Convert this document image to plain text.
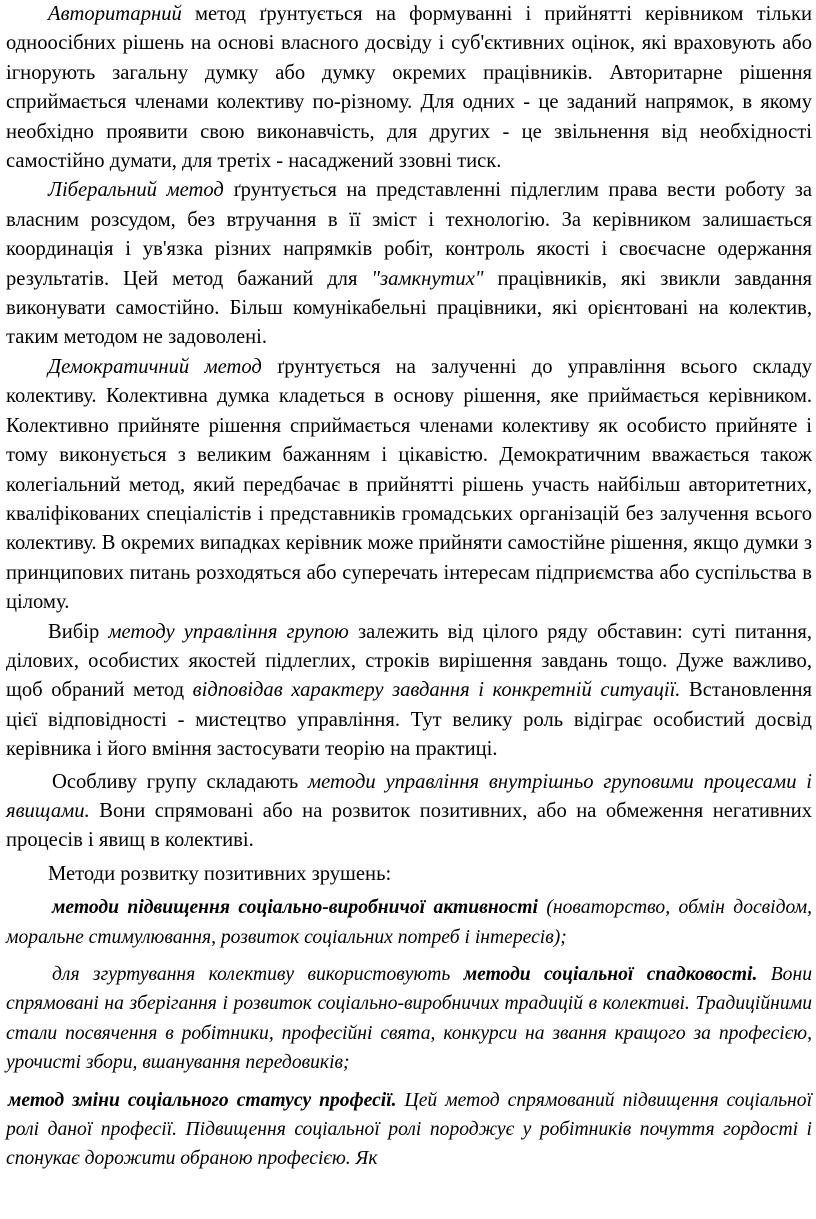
Авторитарний метод ґрунтується на формуванні і прийнятті керівником тільки одноосібних рішень на основі власного досвіду і суб'єктивних оцінок, які враховують або ігнорують загальну думку або думку окремих працівників. Авторитарне рішення сприймається членами колективу по-різному. Для одних - це заданий напрямок, в якому необхідно проявити свою виконавчість, для других - це звільнення від необхідності самостійно думати, для третіх - насаджений ззовні тиск.

Ліберальний метод ґрунтується на представленні підлеглим права вести роботу за власним розсудом, без втручання в її зміст і технологію. За керівником залишається координація і ув'язка різних напрямків робіт, контроль якості і своєчасне одержання результатів. Цей метод бажаний для "замкнутих" працівників, які звикли завдання виконувати самостійно. Більш комунікабельні працівники, які орієнтовані на колектив, таким методом не задоволені.

Демократичний метод ґрунтується на залученні до управління всього складу колективу. Колективна думка кладеться в основу рішення, яке приймається керівником. Колективно прийняте рішення сприймається членами колективу як особисто прийняте і тому виконується з великим бажанням і цікавістю. Демократичним вважається також колегіальний метод, який передбачає в прийнятті рішень участь найбільш авторитетних, кваліфікованих спеціалістів і представників громадських організацій без залучення всього колективу. В окремих випадках керівник може прийняти самостійне рішення, якщо думки з принципових питань розходяться або суперечать інтересам підприємства або суспільства в цілому.

Вибір методу управління групою залежить від цілого ряду обставин: суті питання, ділових, особистих якостей підлеглих, строків вирішення завдань тощо. Дуже важливо, щоб обраний метод відповідав характеру завдання і конкретній ситуації. Встановлення цієї відповідності - мистецтво управління. Тут велику роль відіграє особистий досвід керівника і його вміння застосувати теорію на практиці.

Особливу групу складають методи управління внутрішньо груповими процесами і явищами. Вони спрямовані або на розвиток позитивних, або на обмеження негативних процесів і явищ в колективі.

Методи розвитку позитивних зрушень:

методи підвищення соціально-виробничої активності (новаторство, обмін досвідом, моральне стимулювання, розвиток соціальних потреб і інтересів);

для згуртування колективу використовують методи соціальної спадковості. Вони спрямовані на зберігання і розвиток соціально-виробничих традицій в колективі. Традиційними стали посвячення в робітники, професійні свята, конкурси на звання кращого за професією, урочисті збори, вшанування передовиків;

метод зміни соціального статусу професії. Цей метод спрямований підвищення соціальної ролі даної професії. Підвищення соціальної ролі породжує у робітників почуття гордості і спонукає дорожити обраною професією. Як
